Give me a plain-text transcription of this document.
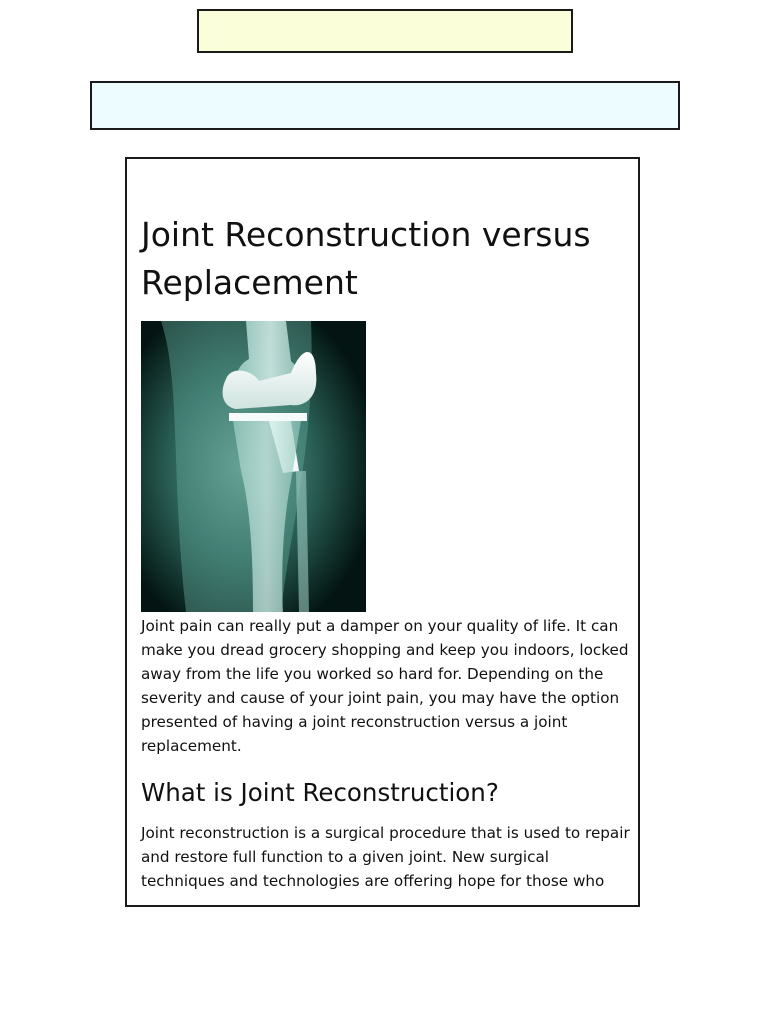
Joint Reconstruction versus Replacement

Joint pain can really put a damper on your quality of life. It can make you dread grocery shopping and keep you indoors, locked away from the life you worked so hard for. Depending on the severity and cause of your joint pain, you may have the option presented of having a joint reconstruction versus a joint replacement.

What is Joint Reconstruction?

Joint reconstruction is a surgical procedure that is used to repair and restore full function to a given joint. New surgical techniques and technologies are offering hope for those who
